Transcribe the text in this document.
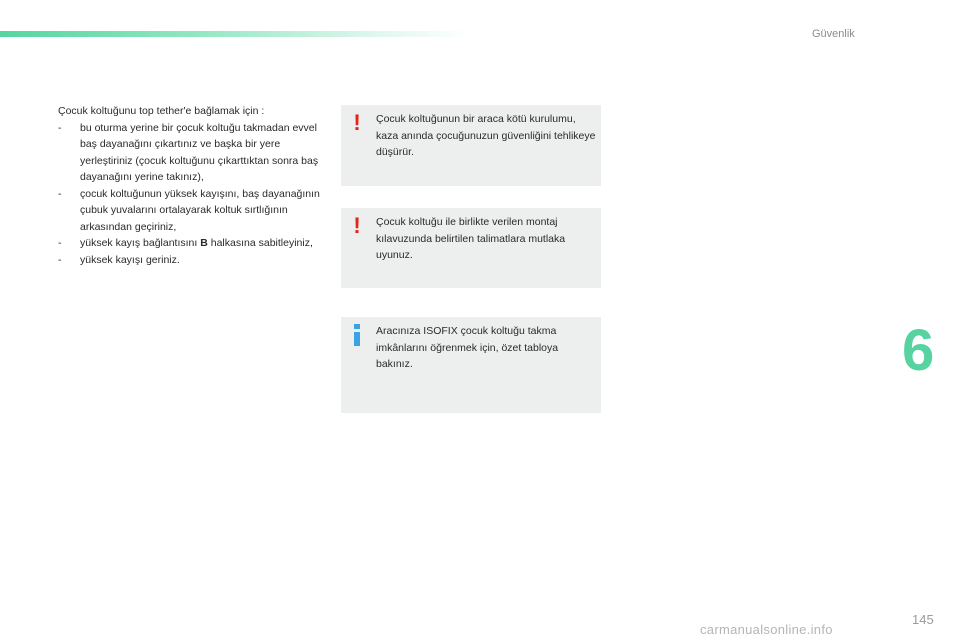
Güvenlik

Çocuk koltuğunu top tether'e bağlamak için :

- bu oturma yerine bir çocuk koltuğu takmadan evvel baş dayanağını çıkartınız ve başka bir yere yerleştiriniz (çocuk koltuğunu çıkarttıktan sonra baş dayanağını yerine takınız),
- çocuk koltuğunun yüksek kayışını, baş dayanağının çubuk yuvalarını ortalayarak koltuk sırtlığının arkasından geçiriniz,
- yüksek kayış bağlantısını B halkasına sabitleyiniz,
- yüksek kayışı geriniz.
! Çocuk koltuğunun bir araca kötü kurulumu, kaza anında çocuğunuzun güvenliğini tehlikeye düşürür.
! Çocuk koltuğu ile birlikte verilen montaj kılavuzunda belirtilen talimatlara mutlaka uyunuz.
Aracınıza ISOFIX çocuk koltuğu takma imkânlarını öğrenmek için, özet tabloya bakınız.	6
carmanualsonline.info
145
